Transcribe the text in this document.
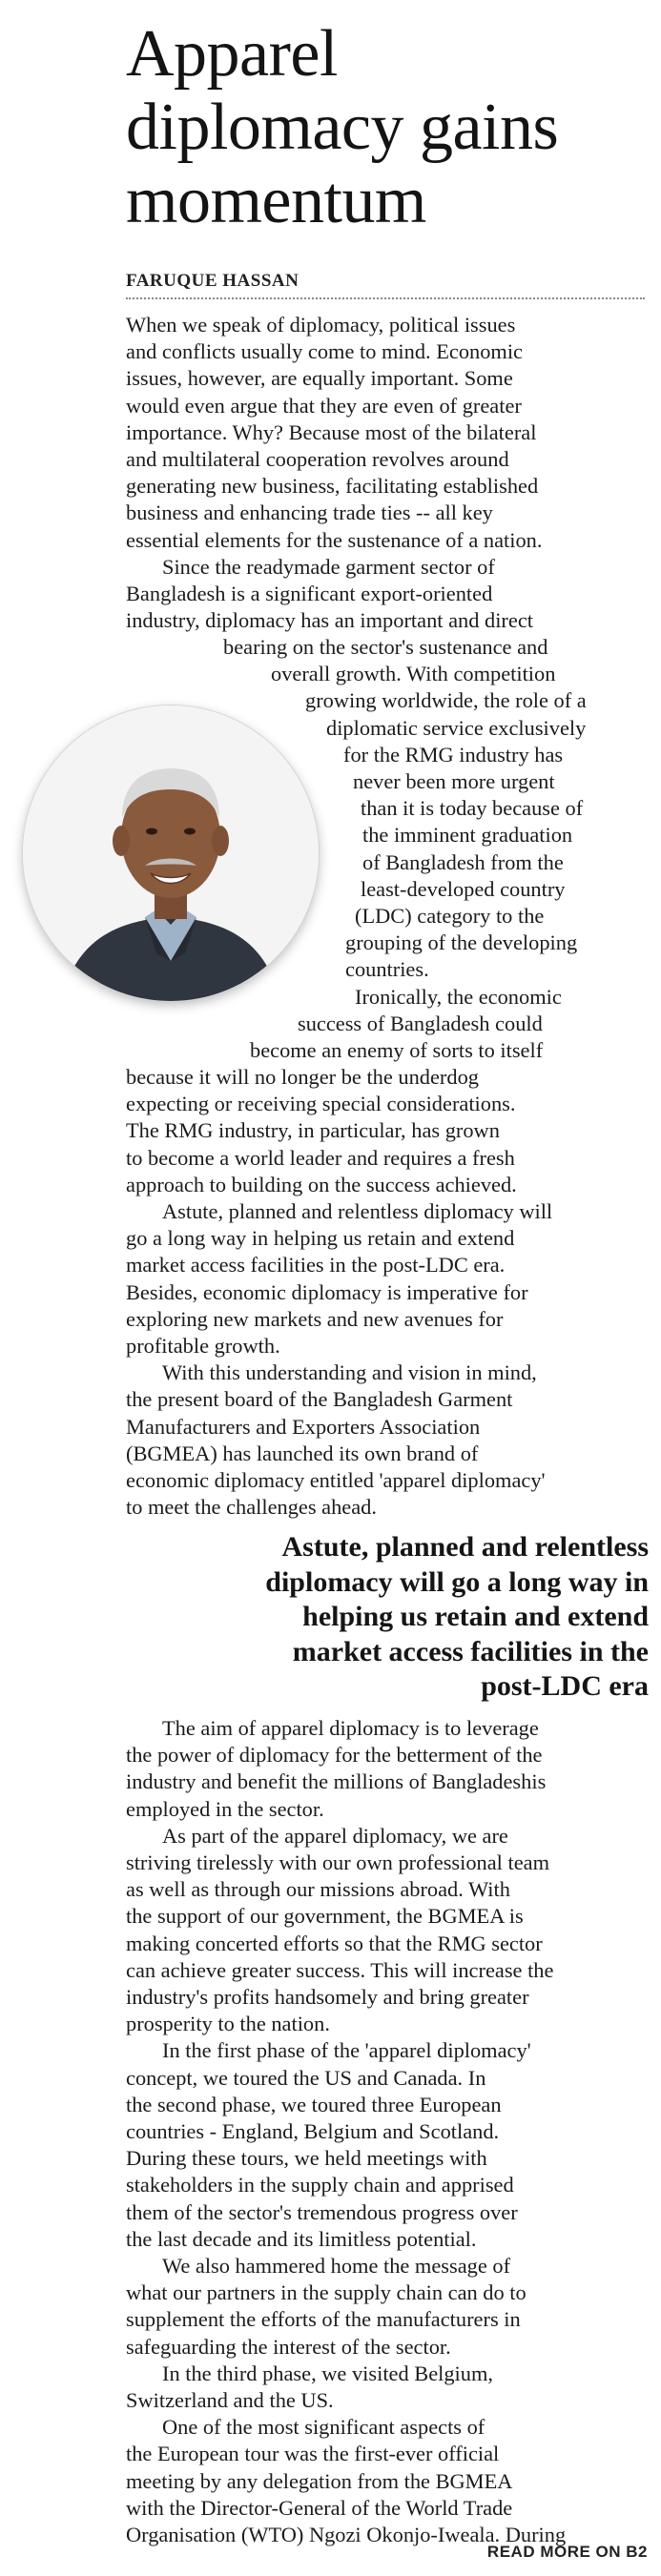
Apparel
diplomacy gains
momentum
FARUQUE HASSAN
When we speak of diplomacy, political issues
and conflicts usually come to mind. Economic
issues, however, are equally important. Some
would even argue that they are even of greater
importance. Why? Because most of the bilateral
and multilateral cooperation revolves around
generating new business, facilitating established
business and enhancing trade ties -- all key
essential elements for the sustenance of a nation.
Since the readymade garment sector of
Bangladesh is a significant export-oriented
industry, diplomacy has an important and direct
bearing on the sector's sustenance and
overall growth. With competition
growing worldwide, the role of a
diplomatic service exclusively
for the RMG industry has
never been more urgent
than it is today because of
the imminent graduation
of Bangladesh from the
least-developed country
(LDC) category to the
grouping of the developing
countries.
Ironically, the economic
success of Bangladesh could
become an enemy of sorts to itself
because it will no longer be the underdog
expecting or receiving special considerations.
The RMG industry, in particular, has grown
to become a world leader and requires a fresh
approach to building on the success achieved.
Astute, planned and relentless diplomacy will
go a long way in helping us retain and extend
market access facilities in the post-LDC era.
Besides, economic diplomacy is imperative for
exploring new markets and new avenues for
profitable growth.
With this understanding and vision in mind,
the present board of the Bangladesh Garment
Manufacturers and Exporters Association
(BGMEA) has launched its own brand of
economic diplomacy entitled 'apparel diplomacy'
to meet the challenges ahead.
Astute, planned and relentless
diplomacy will go a long way in
helping us retain and extend
market access facilities in the
post-LDC era
The aim of apparel diplomacy is to leverage
the power of diplomacy for the betterment of the
industry and benefit the millions of Bangladeshis
employed in the sector.
As part of the apparel diplomacy, we are
striving tirelessly with our own professional team
as well as through our missions abroad. With
the support of our government, the BGMEA is
making concerted efforts so that the RMG sector
can achieve greater success. This will increase the
industry's profits handsomely and bring greater
prosperity to the nation.
In the first phase of the 'apparel diplomacy'
concept, we toured the US and Canada. In
the second phase, we toured three European
countries - England, Belgium and Scotland.
During these tours, we held meetings with
stakeholders in the supply chain and apprised
them of the sector's tremendous progress over
the last decade and its limitless potential.
We also hammered home the message of
what our partners in the supply chain can do to
supplement the efforts of the manufacturers in
safeguarding the interest of the sector.
In the third phase, we visited Belgium,
Switzerland and the US.
One of the most significant aspects of
the European tour was the first-ever official
meeting by any delegation from the BGMEA
with the Director-General of the World Trade
Organisation (WTO) Ngozi Okonjo-Iweala. During
READ MORE ON B2
